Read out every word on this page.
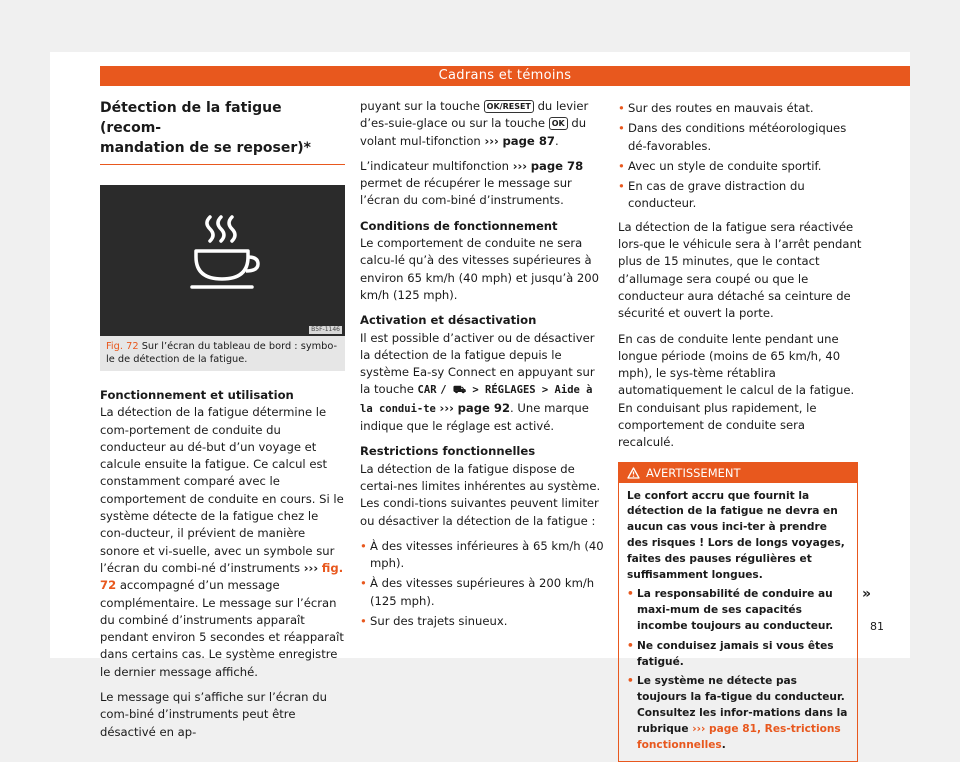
Cadrans et témoins
Détection de la fatigue (recom-
mandation de se reposer)*
B5F-1146
Fig. 72 Sur l’écran du tableau de bord : symbo-le de détection de la fatigue.
Fonctionnement et utilisation

La détection de la fatigue détermine le com-portement de conduite du conducteur au dé-but d’un voyage et calcule ensuite la fatigue. Ce calcul est constamment comparé avec le comportement de conduite en cours. Si le système détecte de la fatigue chez le con-ducteur, il prévient de manière sonore et vi-suelle, avec un symbole sur l’écran du combi-né d’instruments ››› fig. 72 accompagné d’un message complémentaire. Le message sur l’écran du combiné d’instruments apparaît pendant environ 5 secondes et réapparaît dans certains cas. Le système enregistre le dernier message affiché.

Le message qui s’affiche sur l’écran du com-biné d’instruments peut être désactivé en ap-

puyant sur la touche OK/RESET du levier d’es-suie-glace ou sur la touche OK du volant mul-tifonction ››› page 87.

L’indicateur multifonction ››› page 78 permet de récupérer le message sur l’écran du com-biné d’instruments.

Conditions de fonctionnement

Le comportement de conduite ne sera calcu-lé qu’à des vitesses supérieures à environ 65 km/h (40 mph) et jusqu’à 200 km/h (125 mph).

Activation et désactivation

Il est possible d’activer ou de désactiver la détection de la fatigue depuis le système Ea-sy Connect en appuyant sur la touche CAR / ⛟ > RÉGLAGES > Aide à la condui-te ››› page 92. Une marque indique que le réglage est activé.

Restrictions fonctionnelles

La détection de la fatigue dispose de certai-nes limites inhérentes au système. Les condi-tions suivantes peuvent limiter ou désactiver la détection de la fatigue :

• À des vitesses inférieures à 65 km/h (40 mph).
• À des vitesses supérieures à 200 km/h (125 mph).
• Sur des trajets sinueux.
• Sur des routes en mauvais état.
• Dans des conditions météorologiques dé-favorables.
• Avec un style de conduite sportif.
• En cas de grave distraction du conducteur.

La détection de la fatigue sera réactivée lors-que le véhicule sera à l’arrêt pendant plus de 15 minutes, que le contact d’allumage sera coupé ou que le conducteur aura détaché sa ceinture de sécurité et ouvert la porte.

En cas de conduite lente pendant une longue période (moins de 65 km/h, 40 mph), le sys-tème rétablira automatiquement le calcul de la fatigue. En conduisant plus rapidement, le comportement de conduite sera recalculé.

AVERTISSEMENT

Le confort accru que fournit la détection de la fatigue ne devra en aucun cas vous inci-ter à prendre des risques ! Lors de longs voyages, faites des pauses régulières et suffisamment longues.

• La responsabilité de conduire au maxi-mum de ses capacités incombe toujours au conducteur.
• Ne conduisez jamais si vous êtes fatigué.
• Le système ne détecte pas toujours la fa-tigue du conducteur. Consultez les infor-mations dans la rubrique ››› page 81, Res-trictions fonctionnelles.
»
81
